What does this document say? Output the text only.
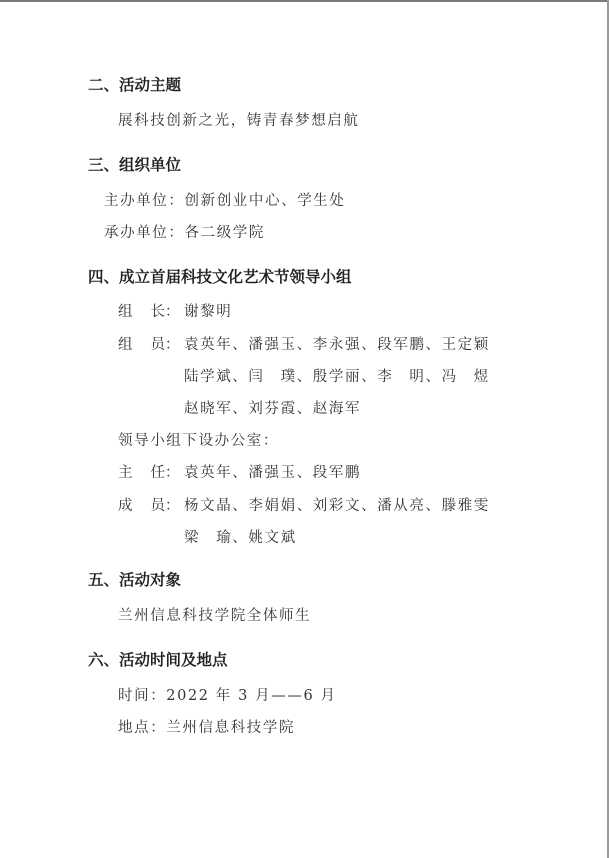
二、活动主题
展科技创新之光，铸青春梦想启航
三、组织单位
主办单位：创新创业中心、学生处
承办单位：各二级学院
四、成立首届科技文化艺术节领导小组
组 长： 谢黎明
组 员： 袁英年、潘强玉、李永强、段军鹏、王定颖
陆学斌、闫　璞、殷学丽、李　明、冯　煜
赵晓军、刘芬霞、赵海军
领导小组下设办公室：
主 任： 袁英年、潘强玉、段军鹏
成 员： 杨文晶、李娟娟、刘彩文、潘从亮、滕雅雯
梁　瑜、姚文斌
五、活动对象
兰州信息科技学院全体师生
六、活动时间及地点
时间：2022 年 3 月——6 月
地点：兰州信息科技学院
